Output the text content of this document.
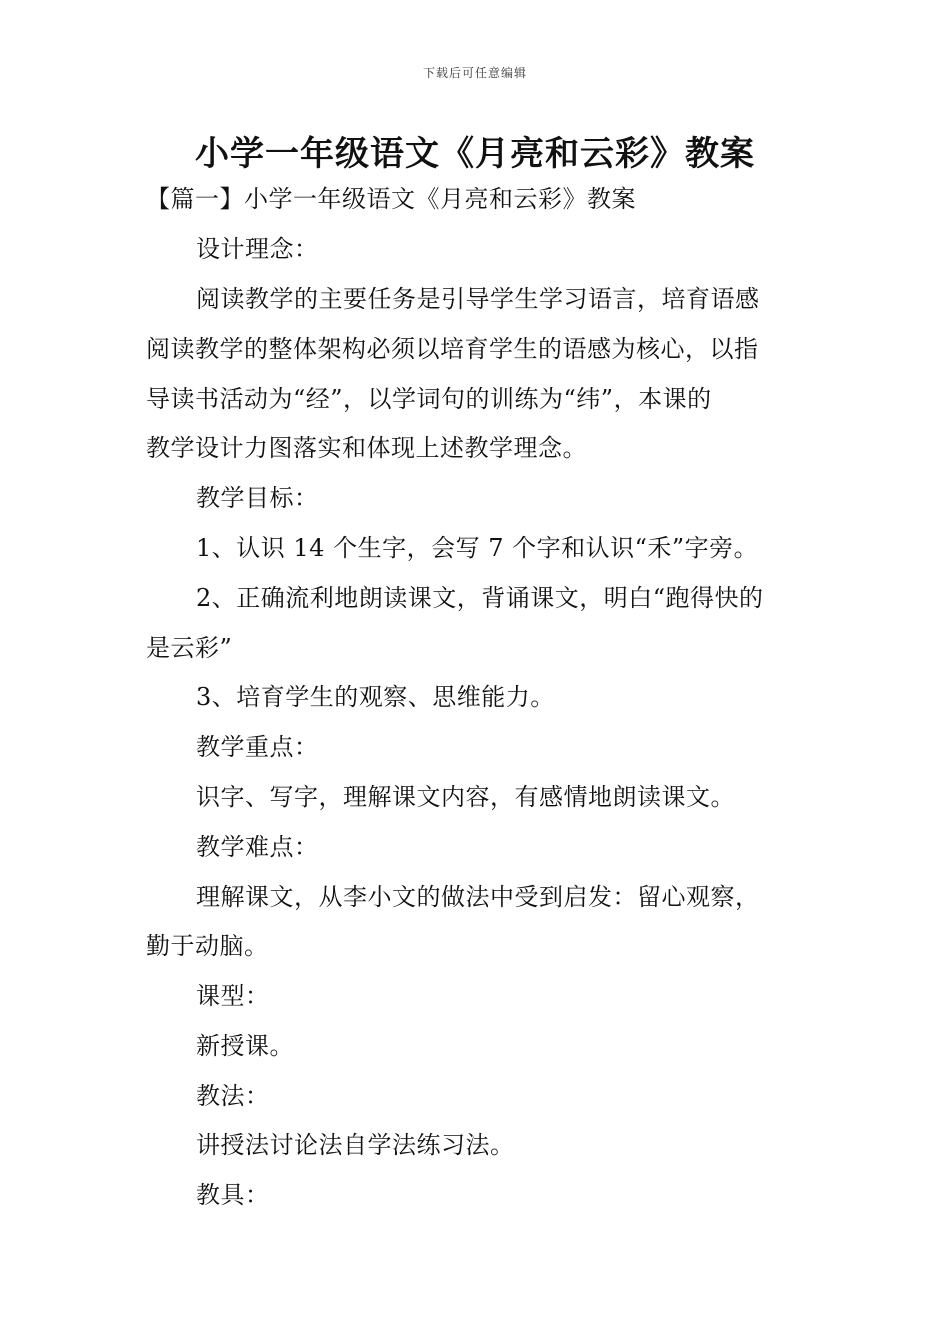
下载后可任意编辑
小学一年级语文《月亮和云彩》教案
【篇一】小学一年级语文《月亮和云彩》教案
设计理念：
阅读教学的主要任务是引导学生学习语言，培育语感
阅读教学的整体架构必须以培育学生的语感为核心，以指
导读书活动为“经”，以学词句的训练为“纬”，本课的
教学设计力图落实和体现上述教学理念。
教学目标：
1、认识 14 个生字，会写 7 个字和认识“禾”字旁。
2、正确流利地朗读课文，背诵课文，明白“跑得快的
是云彩”
3、培育学生的观察、思维能力。
教学重点：
识字、写字，理解课文内容，有感情地朗读课文。
教学难点：
理解课文，从李小文的做法中受到启发：留心观察，
勤于动脑。
课型：
新授课。
教法：
讲授法讨论法自学法练习法。
教具：
